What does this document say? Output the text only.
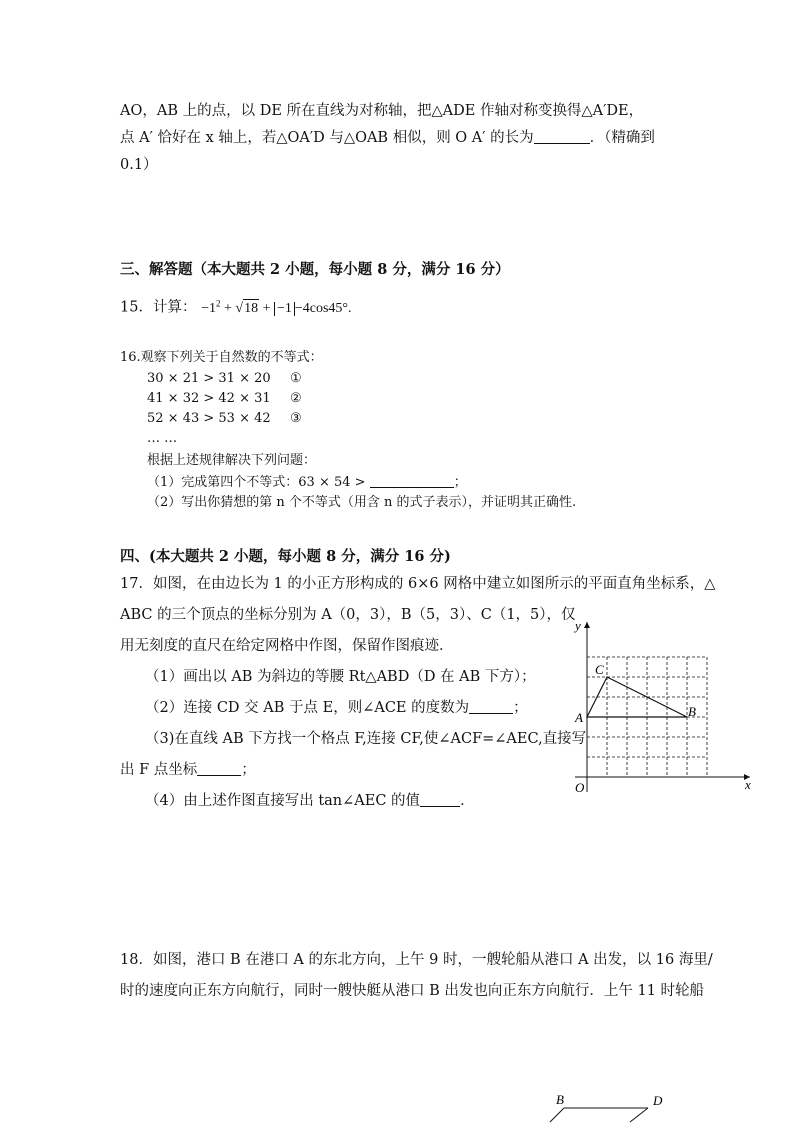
AO，AB 上的点，以 DE 所在直线为对称轴，把△ADE 作轴对称变换得△A′DE，
点 A′ 恰好在 x 轴上，若△OA′D 与△OAB 相似，则 O A′ 的长为	．（精确到
0.1）
三、解答题（本大题共 2 小题，每小题 8 分，满分 16 分）
15．计算： $-1^2 + √18 + -1 -4\cos 45^\circ$.
16.观察下列关于自然数的不等式：
30 × 21 > 31 × 20 ①
41 × 32 > 42 × 31 ②
52 × 43 > 53 × 42 ③
… …
根据上述规律解决下列问题：
（1）完成第四个不等式：63 × 54 >	；
（2）写出你猜想的第 n 个不等式（用含 n 的式子表示），并证明其正确性.
四、(本大题共 2 小题，每小题 8 分，满分 16 分)
17．如图，在由边长为 1 的小正方形构成的 6×6 网格中建立如图所示的平面直角坐标系，△
ABC 的三个顶点的坐标分别为 A（0，3），B（5，3）、C（1，5），仅
用无刻度的直尺在给定网格中作图，保留作图痕迹．
（1）画出以 AB 为斜边的等腰 Rt△ABD（D 在 AB 下方）；
（2）连接 CD 交 AB 于点 E，则∠ACE 的度数为	；
（3)在直线 AB 下方找一个格点 F,连接 CF,使∠ACF=∠AEC,直接写
出 F 点坐标	；
（4）由上述作图直接写出 tan∠AEC 的值	．
y
x
O
A	B
C
18．如图，港口 B 在港口 A 的东北方向，上午 9 时，一艘轮船从港口 A 出发，以 16 海里/
时的速度向正东方向航行，同时一艘快艇从港口 B 出发也向正东方向航行．上午 11 时轮船
B	D
